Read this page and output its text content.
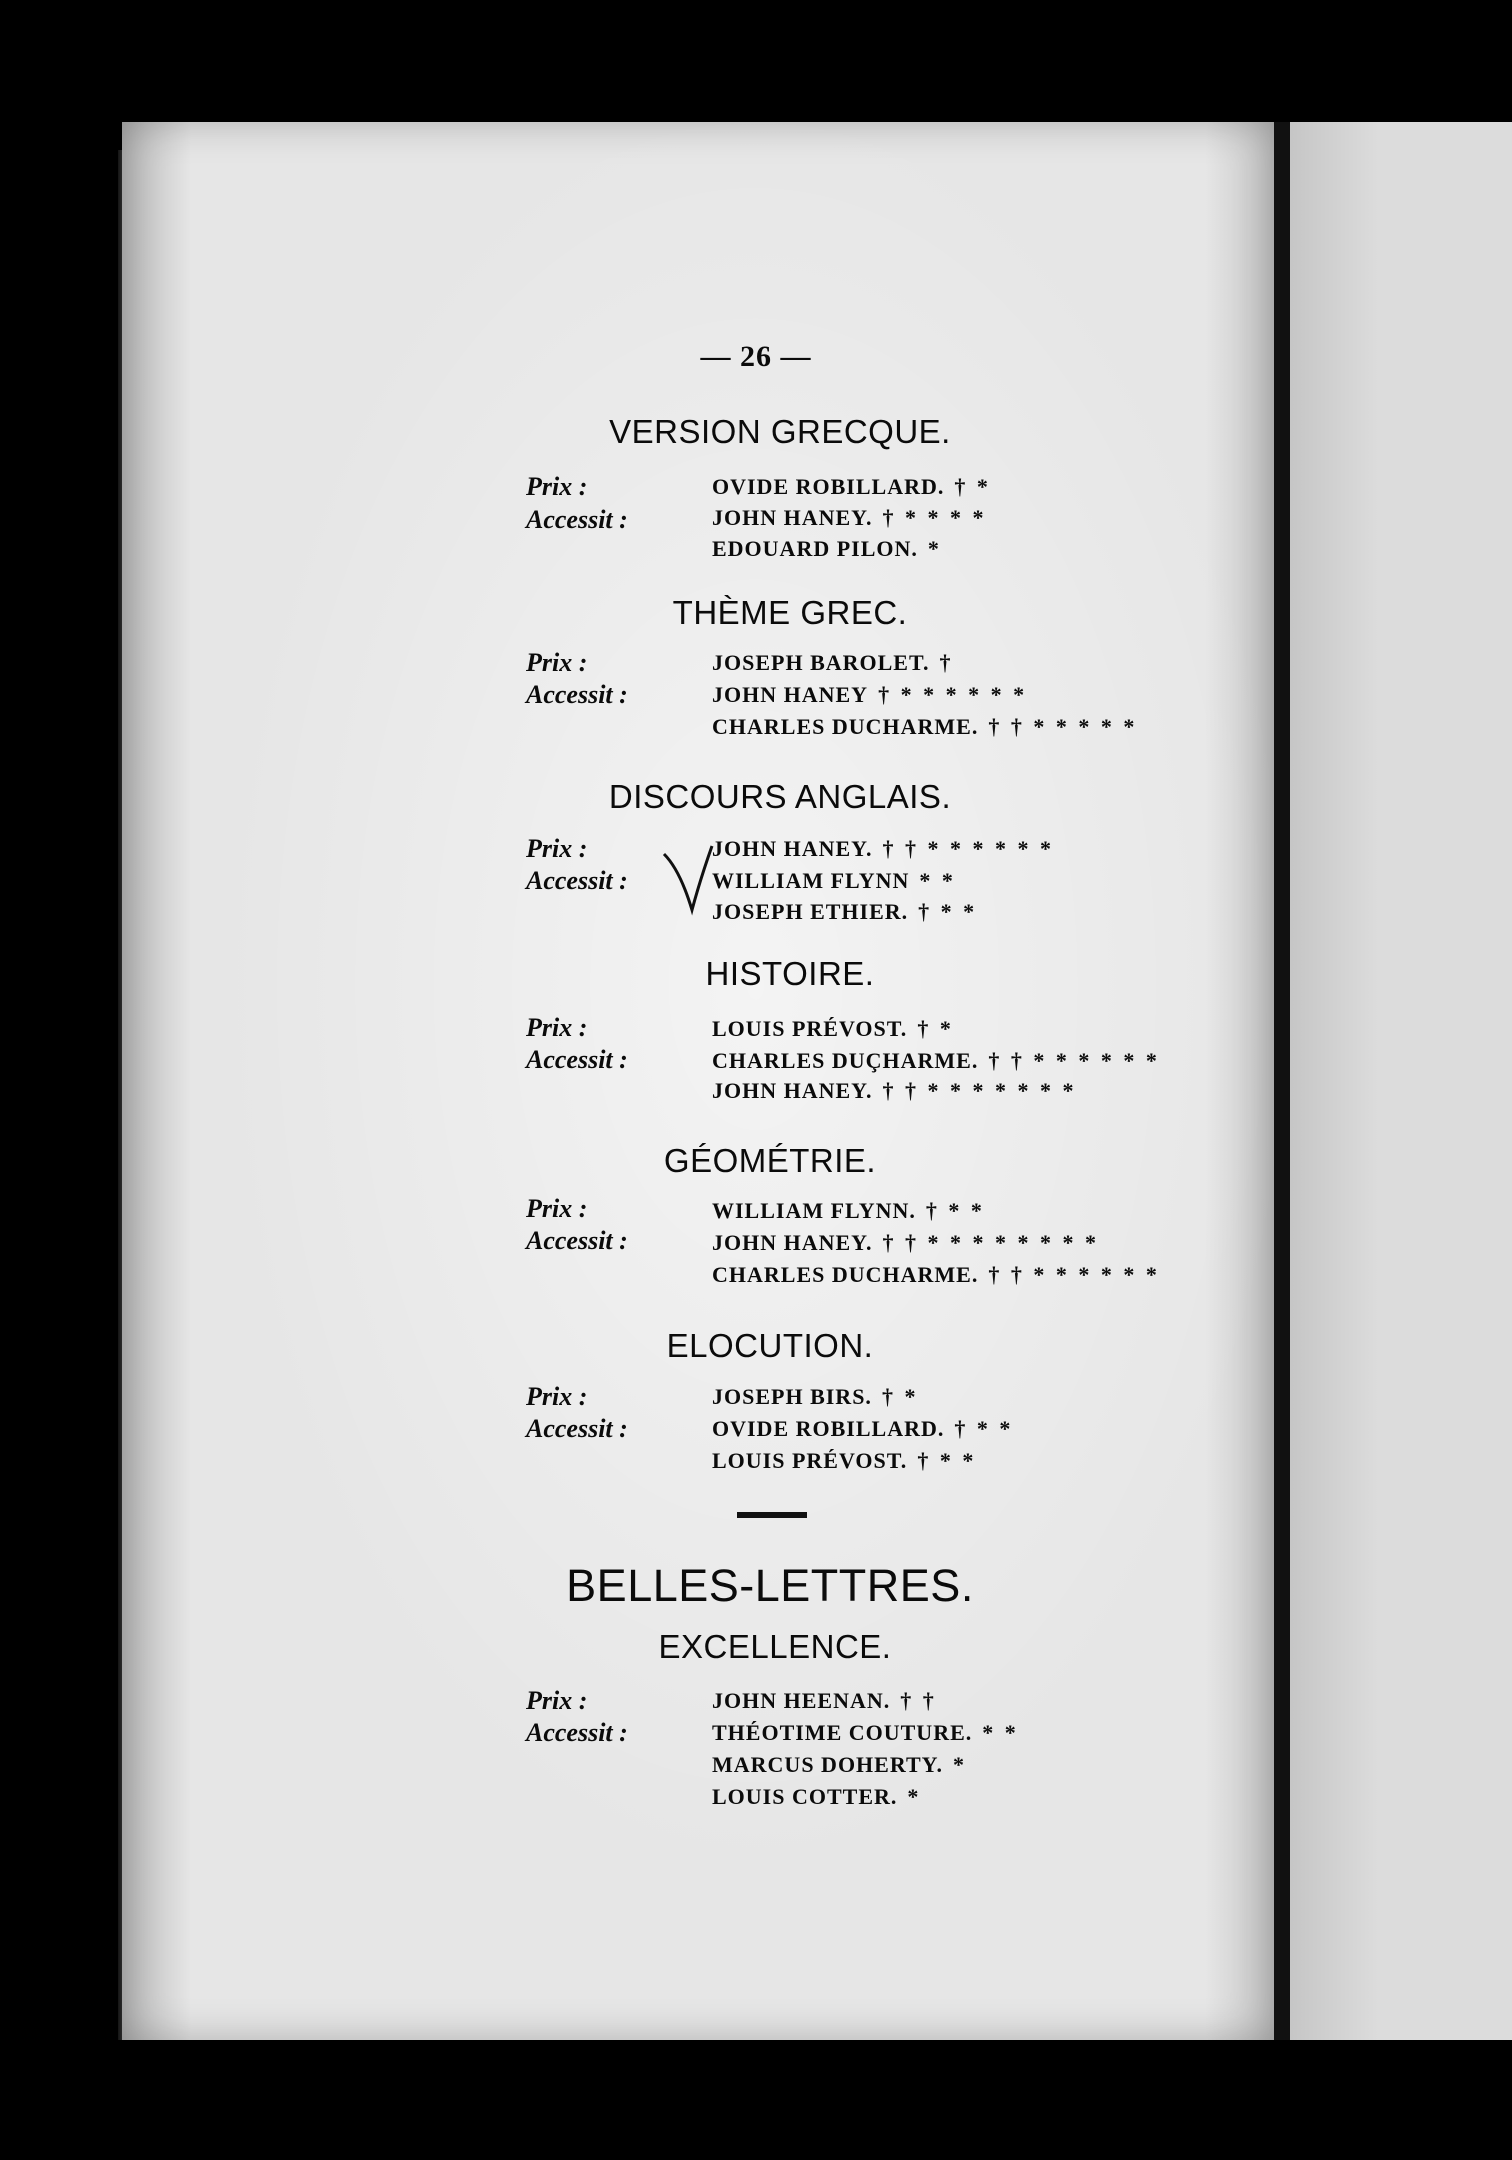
— 26 —
VERSION GRECQUE.
Prix :
Accessit :
OVIDE ROBILLARD. † *
JOHN HANEY. † * * * *
EDOUARD PILON. *
THÈME GREC.
Prix :
Accessit :
JOSEPH BAROLET. †
JOHN HANEY † * * * * * *
CHARLES DUCHARME. † † * * * * *
DISCOURS ANGLAIS.
Prix :
Accessit :
JOHN HANEY. † † * * * * * *
WILLIAM FLYNN * *
JOSEPH ETHIER. † * *
HISTOIRE.
Prix :
Accessit :
LOUIS PRÉVOST. † *
CHARLES DUÇHARME. † † * * * * * *
JOHN HANEY. † † * * * * * * *
GÉOMÉTRIE.
Prix :
Accessit :
WILLIAM FLYNN. † * *
JOHN HANEY. † † * * * * * * * *
CHARLES DUCHARME. † † * * * * * *
ELOCUTION.
Prix :
Accessit :
JOSEPH BIRS. † *
OVIDE ROBILLARD. † * *
LOUIS PRÉVOST. † * *
BELLES-LETTRES.
EXCELLENCE.
Prix :
Accessit :
JOHN HEENAN. † †
THÉOTIME COUTURE. * *
MARCUS DOHERTY. *
LOUIS COTTER. *
